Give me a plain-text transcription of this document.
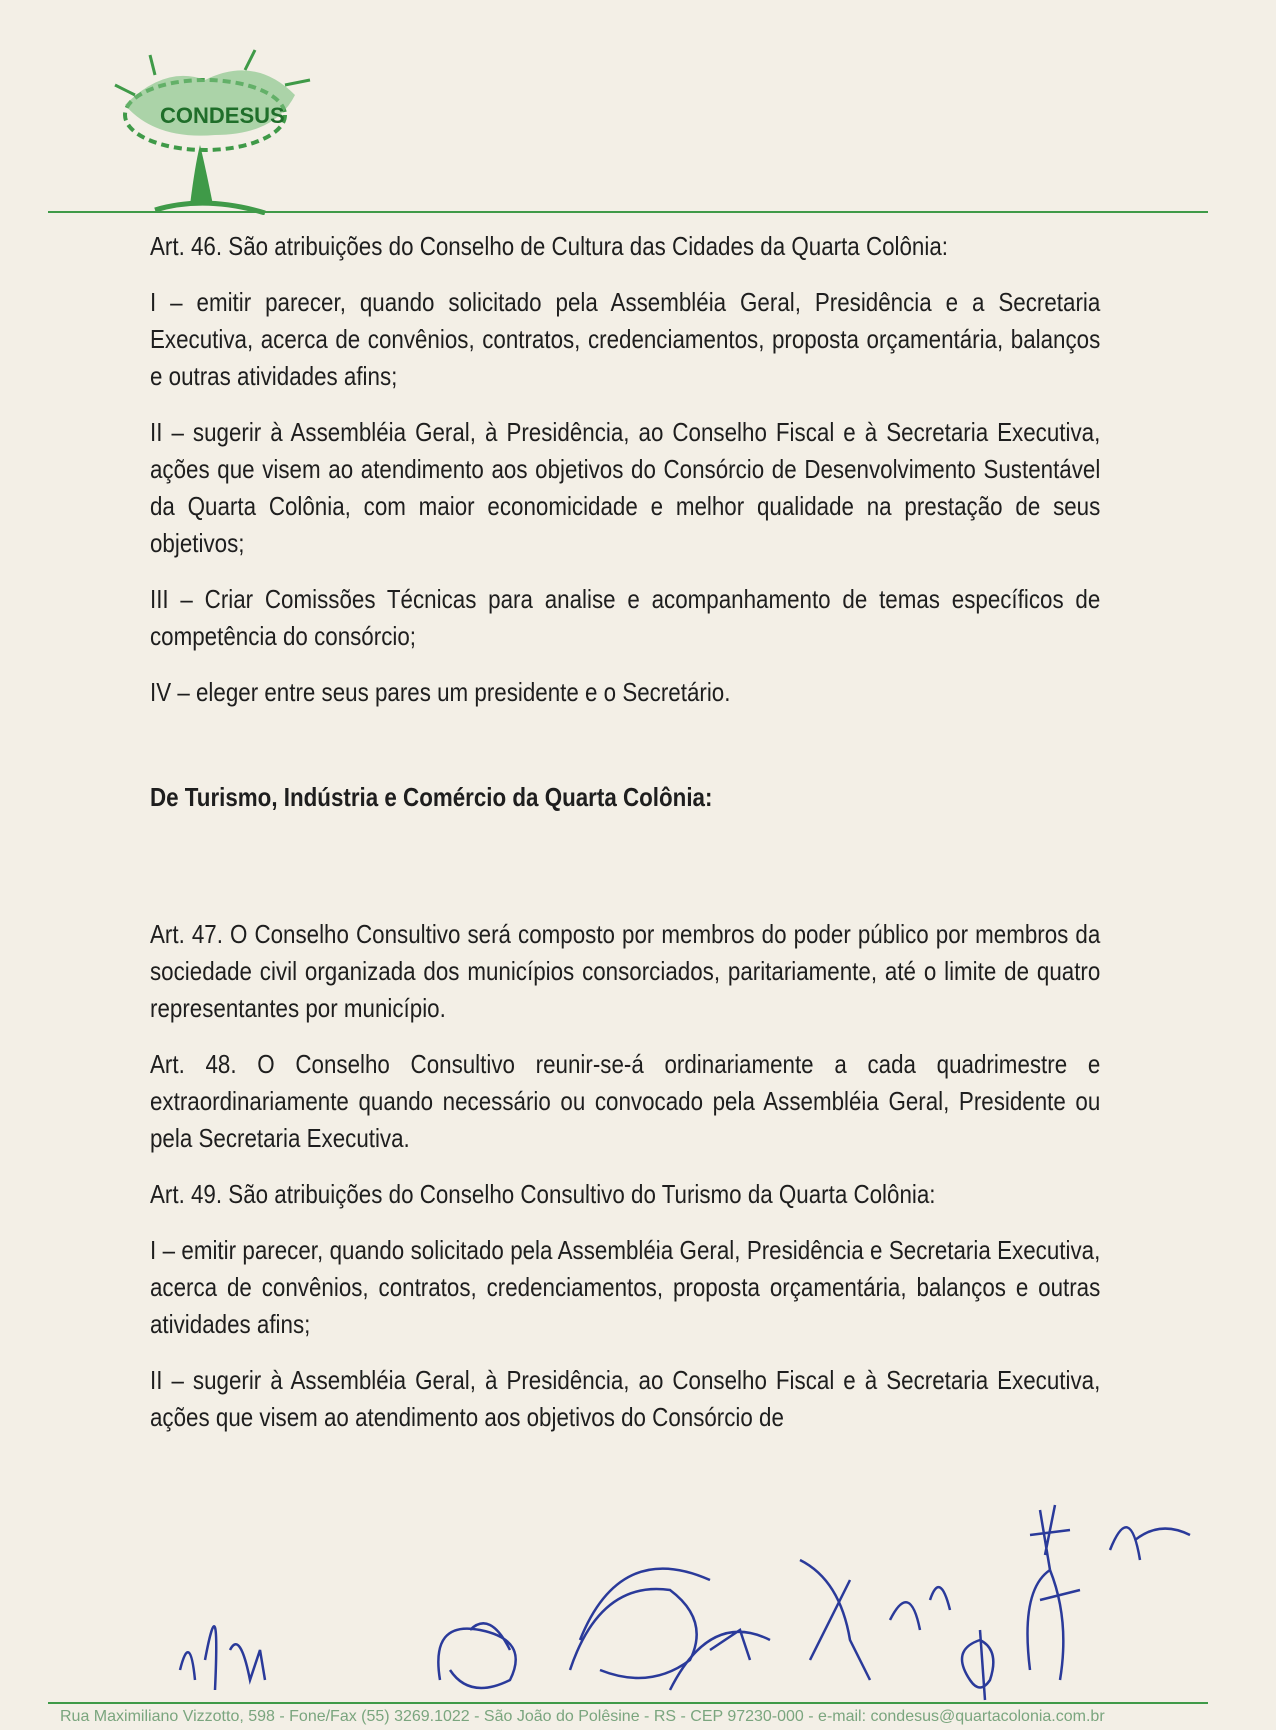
CONDESUS

Art. 46. São atribuições do Conselho de Cultura das Cidades da Quarta Colônia:

I – emitir parecer, quando solicitado pela Assembléia Geral, Presidência e a Secretaria Executiva, acerca de convênios, contratos, credenciamentos, proposta orçamentária, balanços e outras atividades afins;

II – sugerir à Assembléia Geral, à Presidência, ao Conselho Fiscal e à Secretaria Executiva, ações que visem ao atendimento aos objetivos do Consórcio de Desenvolvimento Sustentável da Quarta Colônia, com maior economicidade e melhor qualidade na prestação de seus objetivos;

III – Criar Comissões Técnicas para analise e acompanhamento de temas específicos de competência do consórcio;

IV – eleger entre seus pares um presidente e o Secretário.

De Turismo, Indústria e Comércio da Quarta Colônia:

Art. 47. O Conselho Consultivo será composto por membros do poder público por membros da sociedade civil organizada dos municípios consorciados, paritariamente, até o limite de quatro representantes por município.

Art. 48. O Conselho Consultivo reunir-se-á ordinariamente a cada quadrimestre e extraordinariamente quando necessário ou convocado pela Assembléia Geral, Presidente ou pela Secretaria Executiva.

Art. 49. São atribuições do Conselho Consultivo do Turismo da Quarta Colônia:

I – emitir parecer, quando solicitado pela Assembléia Geral, Presidência e Secretaria Executiva, acerca de convênios, contratos, credenciamentos, proposta orçamentária, balanços e outras atividades afins;

II – sugerir à Assembléia Geral, à Presidência, ao Conselho Fiscal e à Secretaria Executiva, ações que visem ao atendimento aos objetivos do Consórcio de

Rua Maximiliano Vizzotto, 598 - Fone/Fax (55) 3269.1022 - São João do Polêsine - RS - CEP 97230-000 - e-mail: condesus@quartacolonia.com.br
